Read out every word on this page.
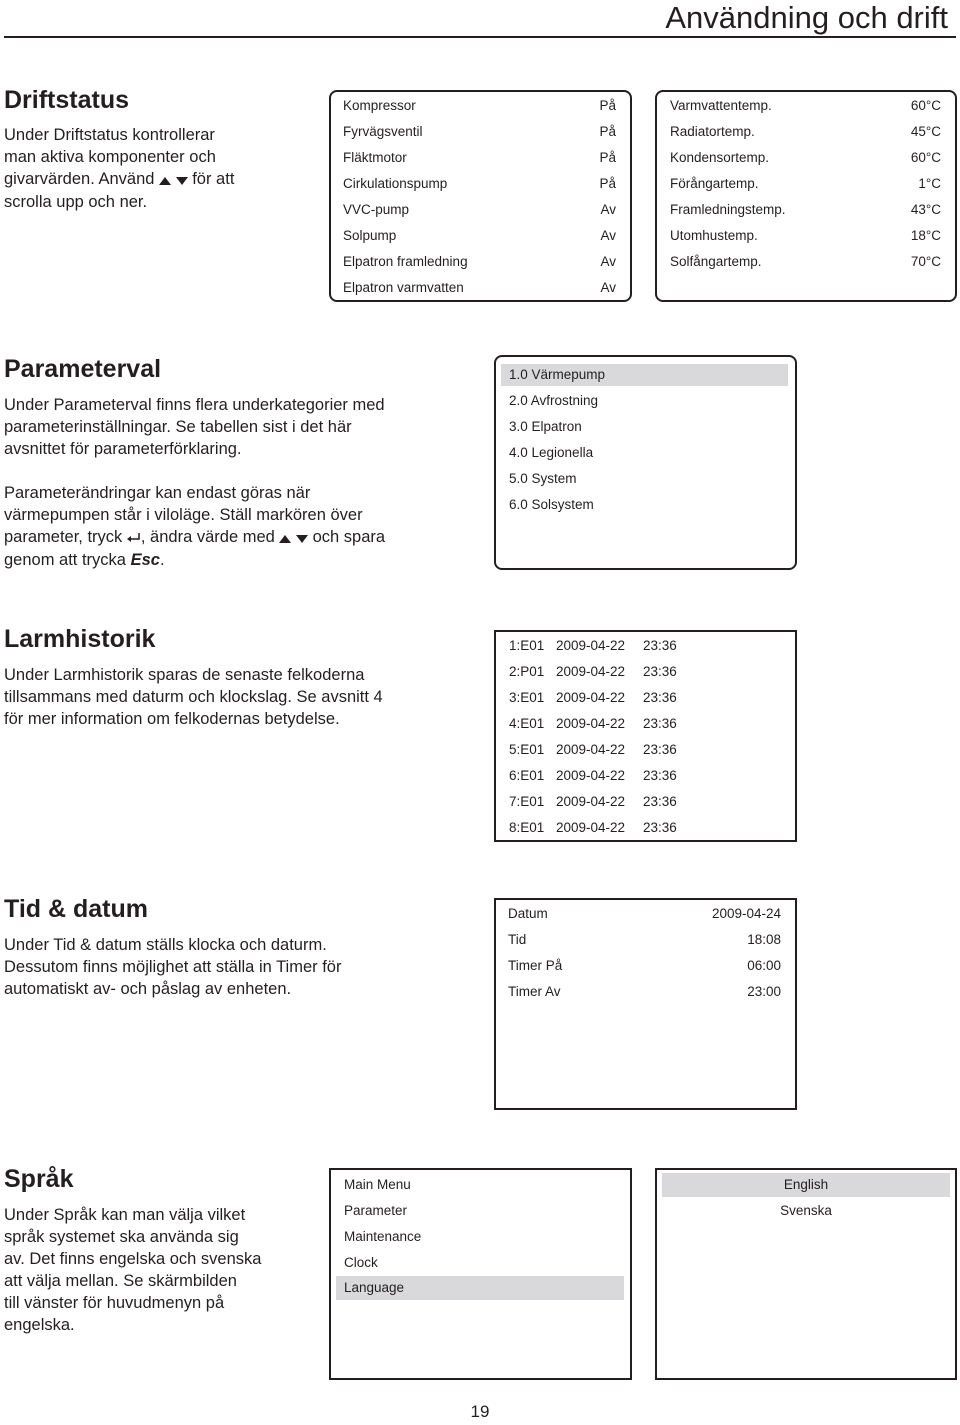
Användning och drift
Driftstatus

Under Driftstatus kontrollerar

man aktiva komponenter och

givarvärden. Använd för att

scrolla upp och ner.

Kompressor	På
Fyrvägsventil	På
Fläktmotor	På
Cirkulationspump	På
VVC-pump	Av
Solpump	Av
Elpatron framledning	Av
Elpatron varmvatten	Av
Varmvattentemp.	60°C
Radiatortemp.	45°C
Kondensortemp.	60°C
Förångartemp.	1°C
Framledningstemp.	43°C
Utomhustemp.	18°C
Solfångartemp.	70°C
Parameterval

Under Parameterval finns flera underkategorier med

parameterinställningar. Se tabellen sist i det här

avsnittet för parameterförklaring.

Parameterändringar kan endast göras när

värmepumpen står i viloläge. Ställ markören över

parameter, tryck , ändra värde med och spara

genom att trycka Esc.

1.0 Värmepump
2.0 Avfrostning
3.0 Elpatron
4.0 Legionella
5.0 System
6.0 Solsystem
Larmhistorik

Under Larmhistorik sparas de senaste felkoderna

tillsammans med daturm och klockslag. Se avsnitt 4

för mer information om felkodernas betydelse.

1:E01 2009-04-22 23:36
2:P01 2009-04-22 23:36
3:E01 2009-04-22 23:36
4:E01 2009-04-22 23:36
5:E01 2009-04-22 23:36
6:E01 2009-04-22 23:36
7:E01 2009-04-22 23:36
8:E01 2009-04-22 23:36
Tid & datum

Under Tid & datum ställs klocka och daturm.

Dessutom finns möjlighet att ställa in Timer för

automatiskt av- och påslag av enheten.

Datum	2009-04-24
Tid	18:08
Timer På	06:00
Timer Av	23:00
Språk

Under Språk kan man välja vilket

språk systemet ska använda sig

av. Det finns engelska och svenska

att välja mellan. Se skärmbilden

till vänster för huvudmenyn på

engelska.

Main Menu
Parameter
Maintenance
Clock
Language
English
Svenska
19
